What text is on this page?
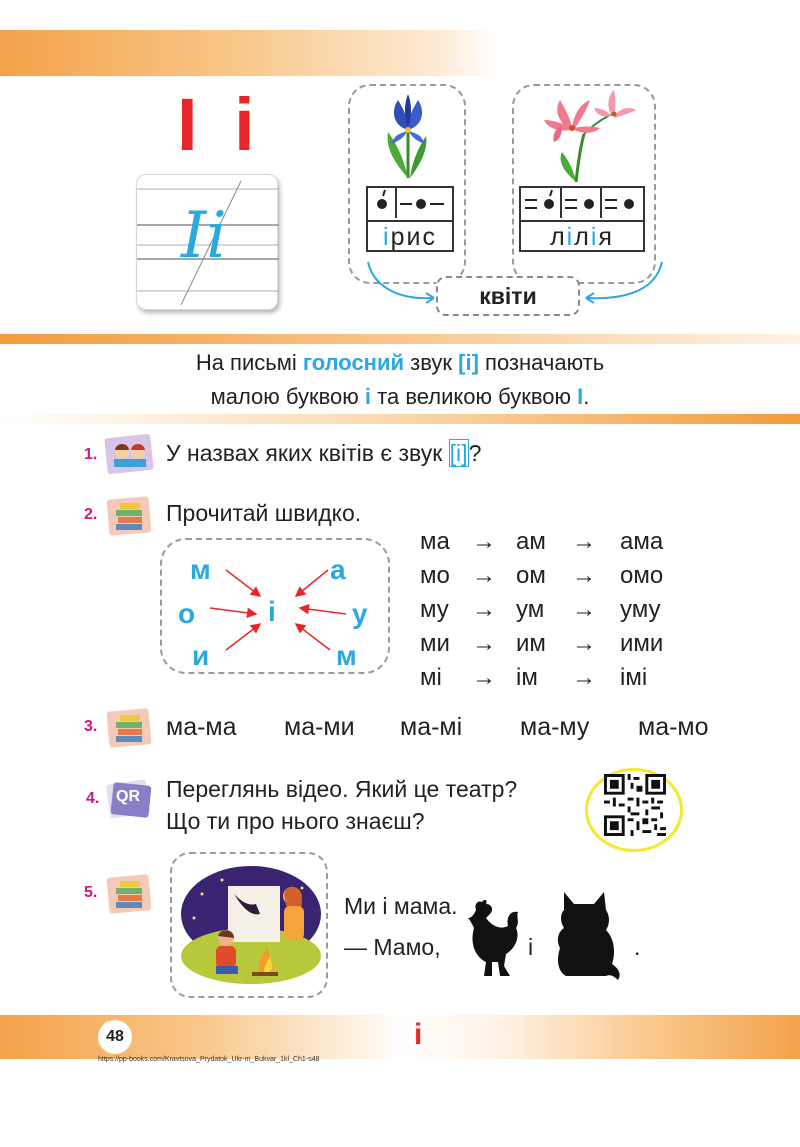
І і
Іі	ірис	лілія
квіти
На письмі голосний звук [і] позначають
малою буквою і та великою буквою І.
1.	У назвах яких квітів є звук [і]?
2.	Прочитай швидко.
м
о
и
і
а
у
м
ма → ам → ама
мо → ом → омо
му → ум → уму
ми → им → ими
мі → ім → імі
3.	ма-ма ма-ми ма-мі ма-му ма-мо
4. QR Переглянь відео. Який це театр?
Що ти про нього знаєш?
5.
Ми і мама.
— Мамо,	і	.
48	і
https://pp-books.com/Kravtsova_Prydatok_Ukr-m_Bukvar_1kl_Ch1-s48
